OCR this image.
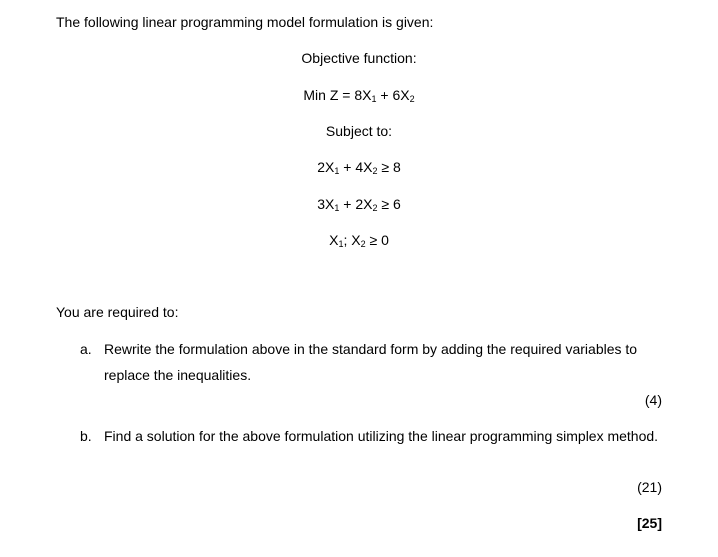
The following linear programming model formulation is given:
Objective function:
Min $Z = 8X_1 + 6X_2$
Subject to:
$2X_1 + 4X_2 \ge 8$
$3X_1 + 2X_2 \ge 6$
$X_1$; $X_2 \ge 0$
You are required to:
a. Rewrite the formulation above in the standard form by adding the required variables to replace the inequalities.
(4)
b. Find a solution for the above formulation utilizing the linear programming simplex method.
(21)
[25]
